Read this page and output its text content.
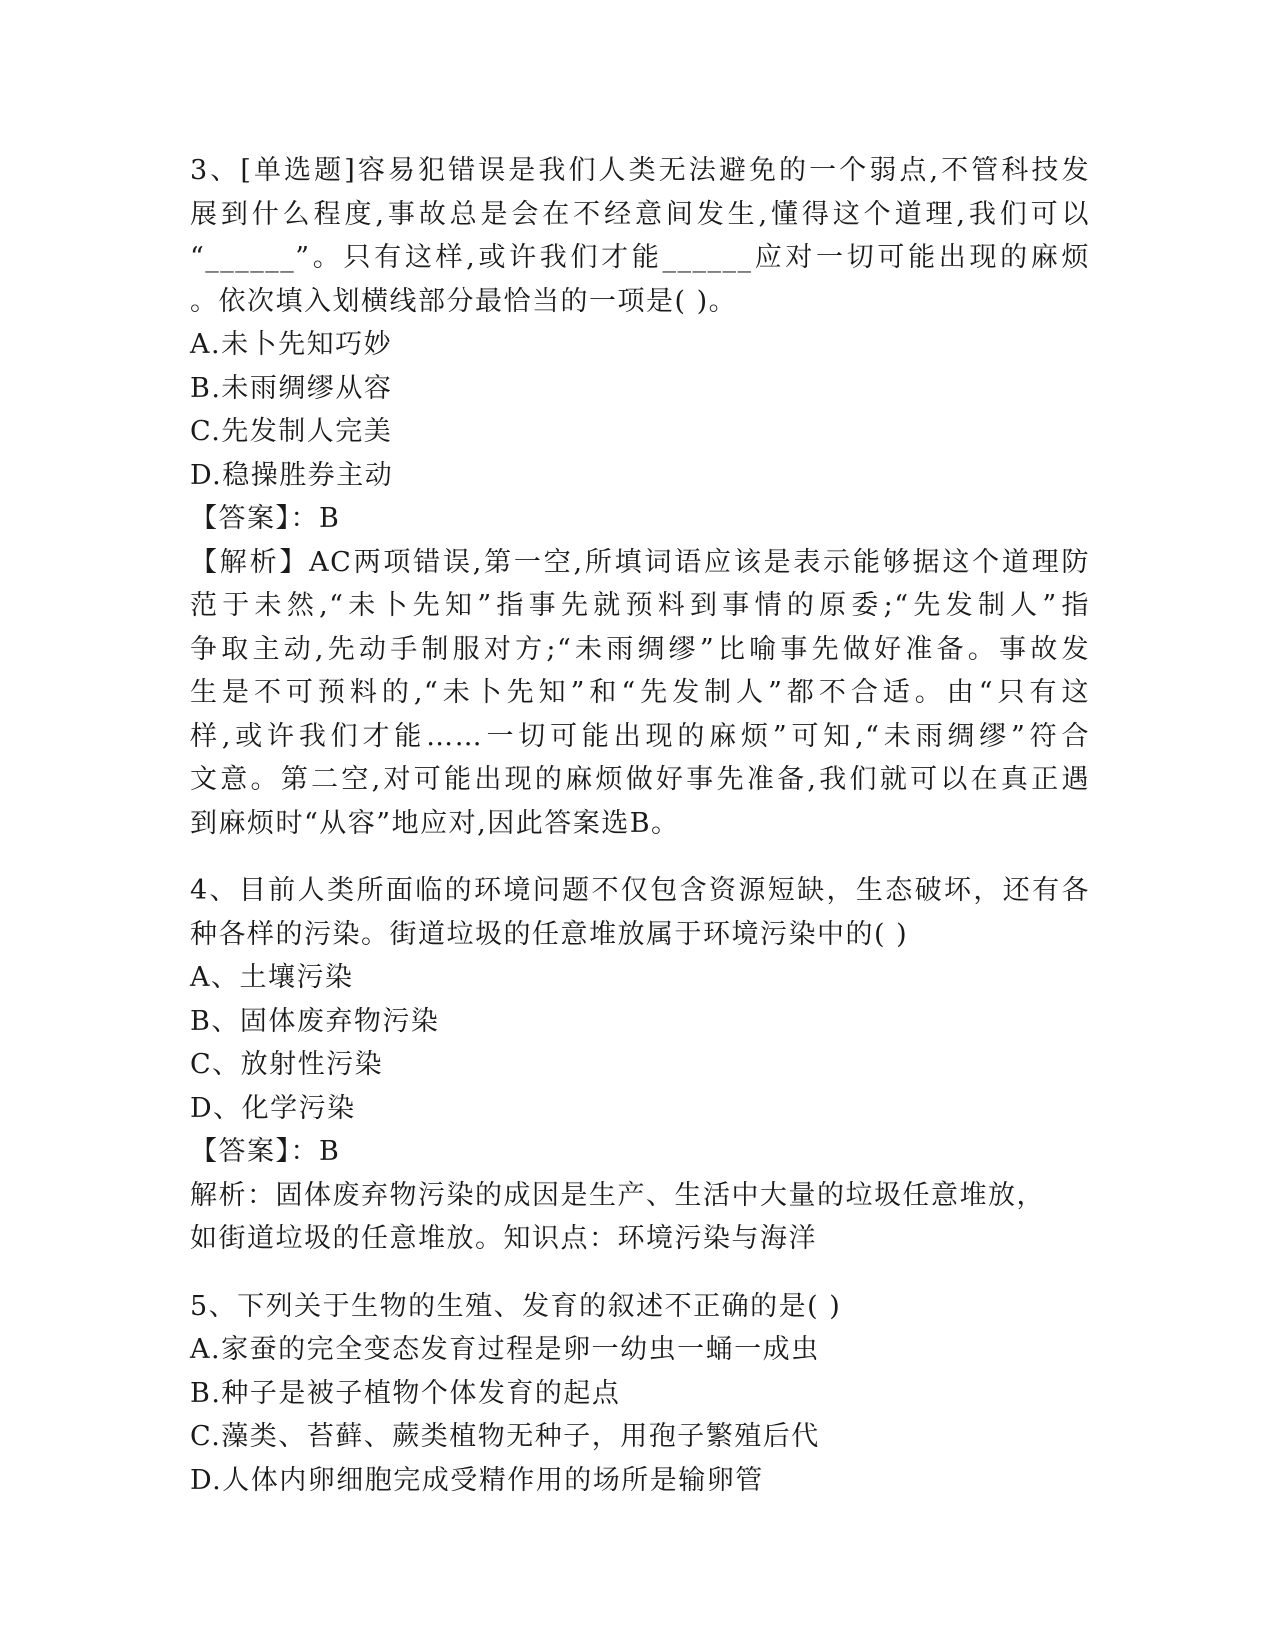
3、[单选题]容易犯错误是我们人类无法避免的一个弱点,不管科技发
展到什么程度,事故总是会在不经意间发生,懂得这个道理,我们可以
“______”。只有这样,或许我们才能______应对一切可能出现的麻烦
。依次填入划横线部分最恰当的一项是( )。
A.未卜先知巧妙
B.未雨绸缪从容
C.先发制人完美
D.稳操胜券主动
【答案】：B
【解析】AC两项错误,第一空,所填词语应该是表示能够据这个道理防
范于未然,“未卜先知”指事先就预料到事情的原委;“先发制人”指
争取主动,先动手制服对方;“未雨绸缪”比喻事先做好准备。事故发
生是不可预料的,“未卜先知”和“先发制人”都不合适。由“只有这
样,或许我们才能……一切可能出现的麻烦”可知,“未雨绸缪”符合
文意。第二空,对可能出现的麻烦做好事先准备,我们就可以在真正遇
到麻烦时“从容”地应对,因此答案选B。
4、目前人类所面临的环境问题不仅包含资源短缺，生态破坏，还有各
种各样的污染。街道垃圾的任意堆放属于环境污染中的( )
A、土壤污染
B、固体废弃物污染
C、放射性污染
D、化学污染
【答案】：B
解析：固体废弃物污染的成因是生产、生活中大量的垃圾任意堆放，
如街道垃圾的任意堆放。知识点：环境污染与海洋
5、下列关于生物的生殖、发育的叙述不正确的是( )
A.家蚕的完全变态发育过程是卵一幼虫一蛹一成虫
B.种子是被子植物个体发育的起点
C.藻类、苔藓、蕨类植物无种子，用孢子繁殖后代
D.人体内卵细胞完成受精作用的场所是输卵管
